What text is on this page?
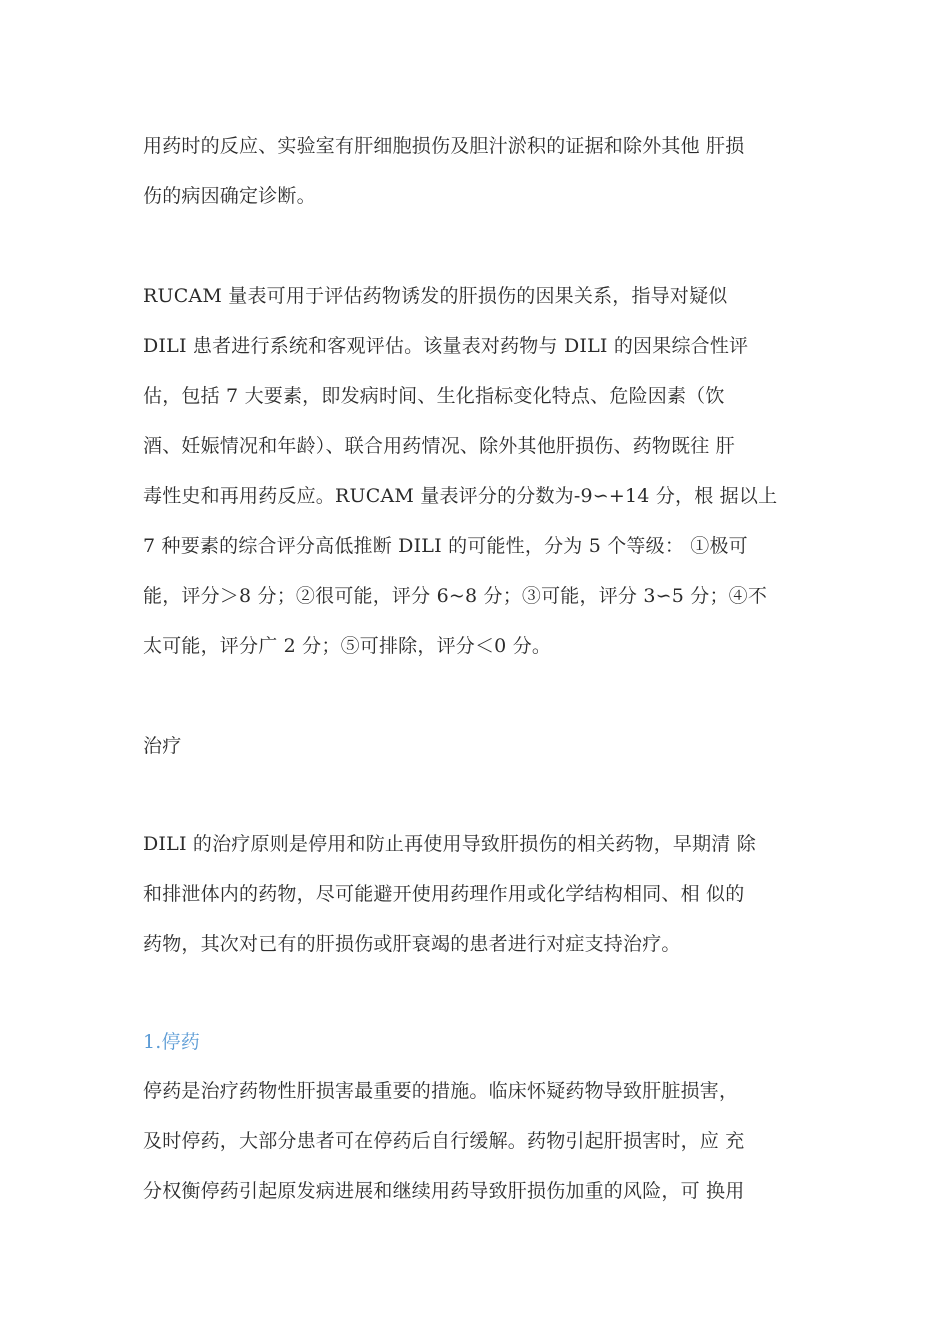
用药时的反应、实验室有肝细胞损伤及胆汁淤积的证据和除外其他 肝损
伤的病因确定诊断。
RUCAM 量表可用于评估药物诱发的肝损伤的因果关系，指导对疑似
DILI 患者进行系统和客观评估。该量表对药物与 DILI 的因果综合性评
估，包括 7 大要素，即发病时间、生化指标变化特点、危险因素（饮
酒、妊娠情况和年龄）、联合用药情况、除外其他肝损伤、药物既往 肝
毒性史和再用药反应。RUCAM 量表评分的分数为-9∽+14 分，根 据以上
7 种要素的综合评分高低推断 DILI 的可能性，分为 5 个等级： ①极可
能，评分＞8 分；②很可能，评分 6~8 分；③可能，评分 3∽5 分；④不
太可能，评分广 2 分；⑤可排除，评分＜0 分。
治疗
DILI 的治疗原则是停用和防止再使用导致肝损伤的相关药物，早期清 除
和排泄体内的药物，尽可能避开使用药理作用或化学结构相同、相 似的
药物，其次对已有的肝损伤或肝衰竭的患者进行对症支持治疗。
1.停药
停药是治疗药物性肝损害最重要的措施。临床怀疑药物导致肝脏损害，
及时停药，大部分患者可在停药后自行缓解。药物引起肝损害时，应 充
分权衡停药引起原发病进展和继续用药导致肝损伤加重的风险，可 换用
